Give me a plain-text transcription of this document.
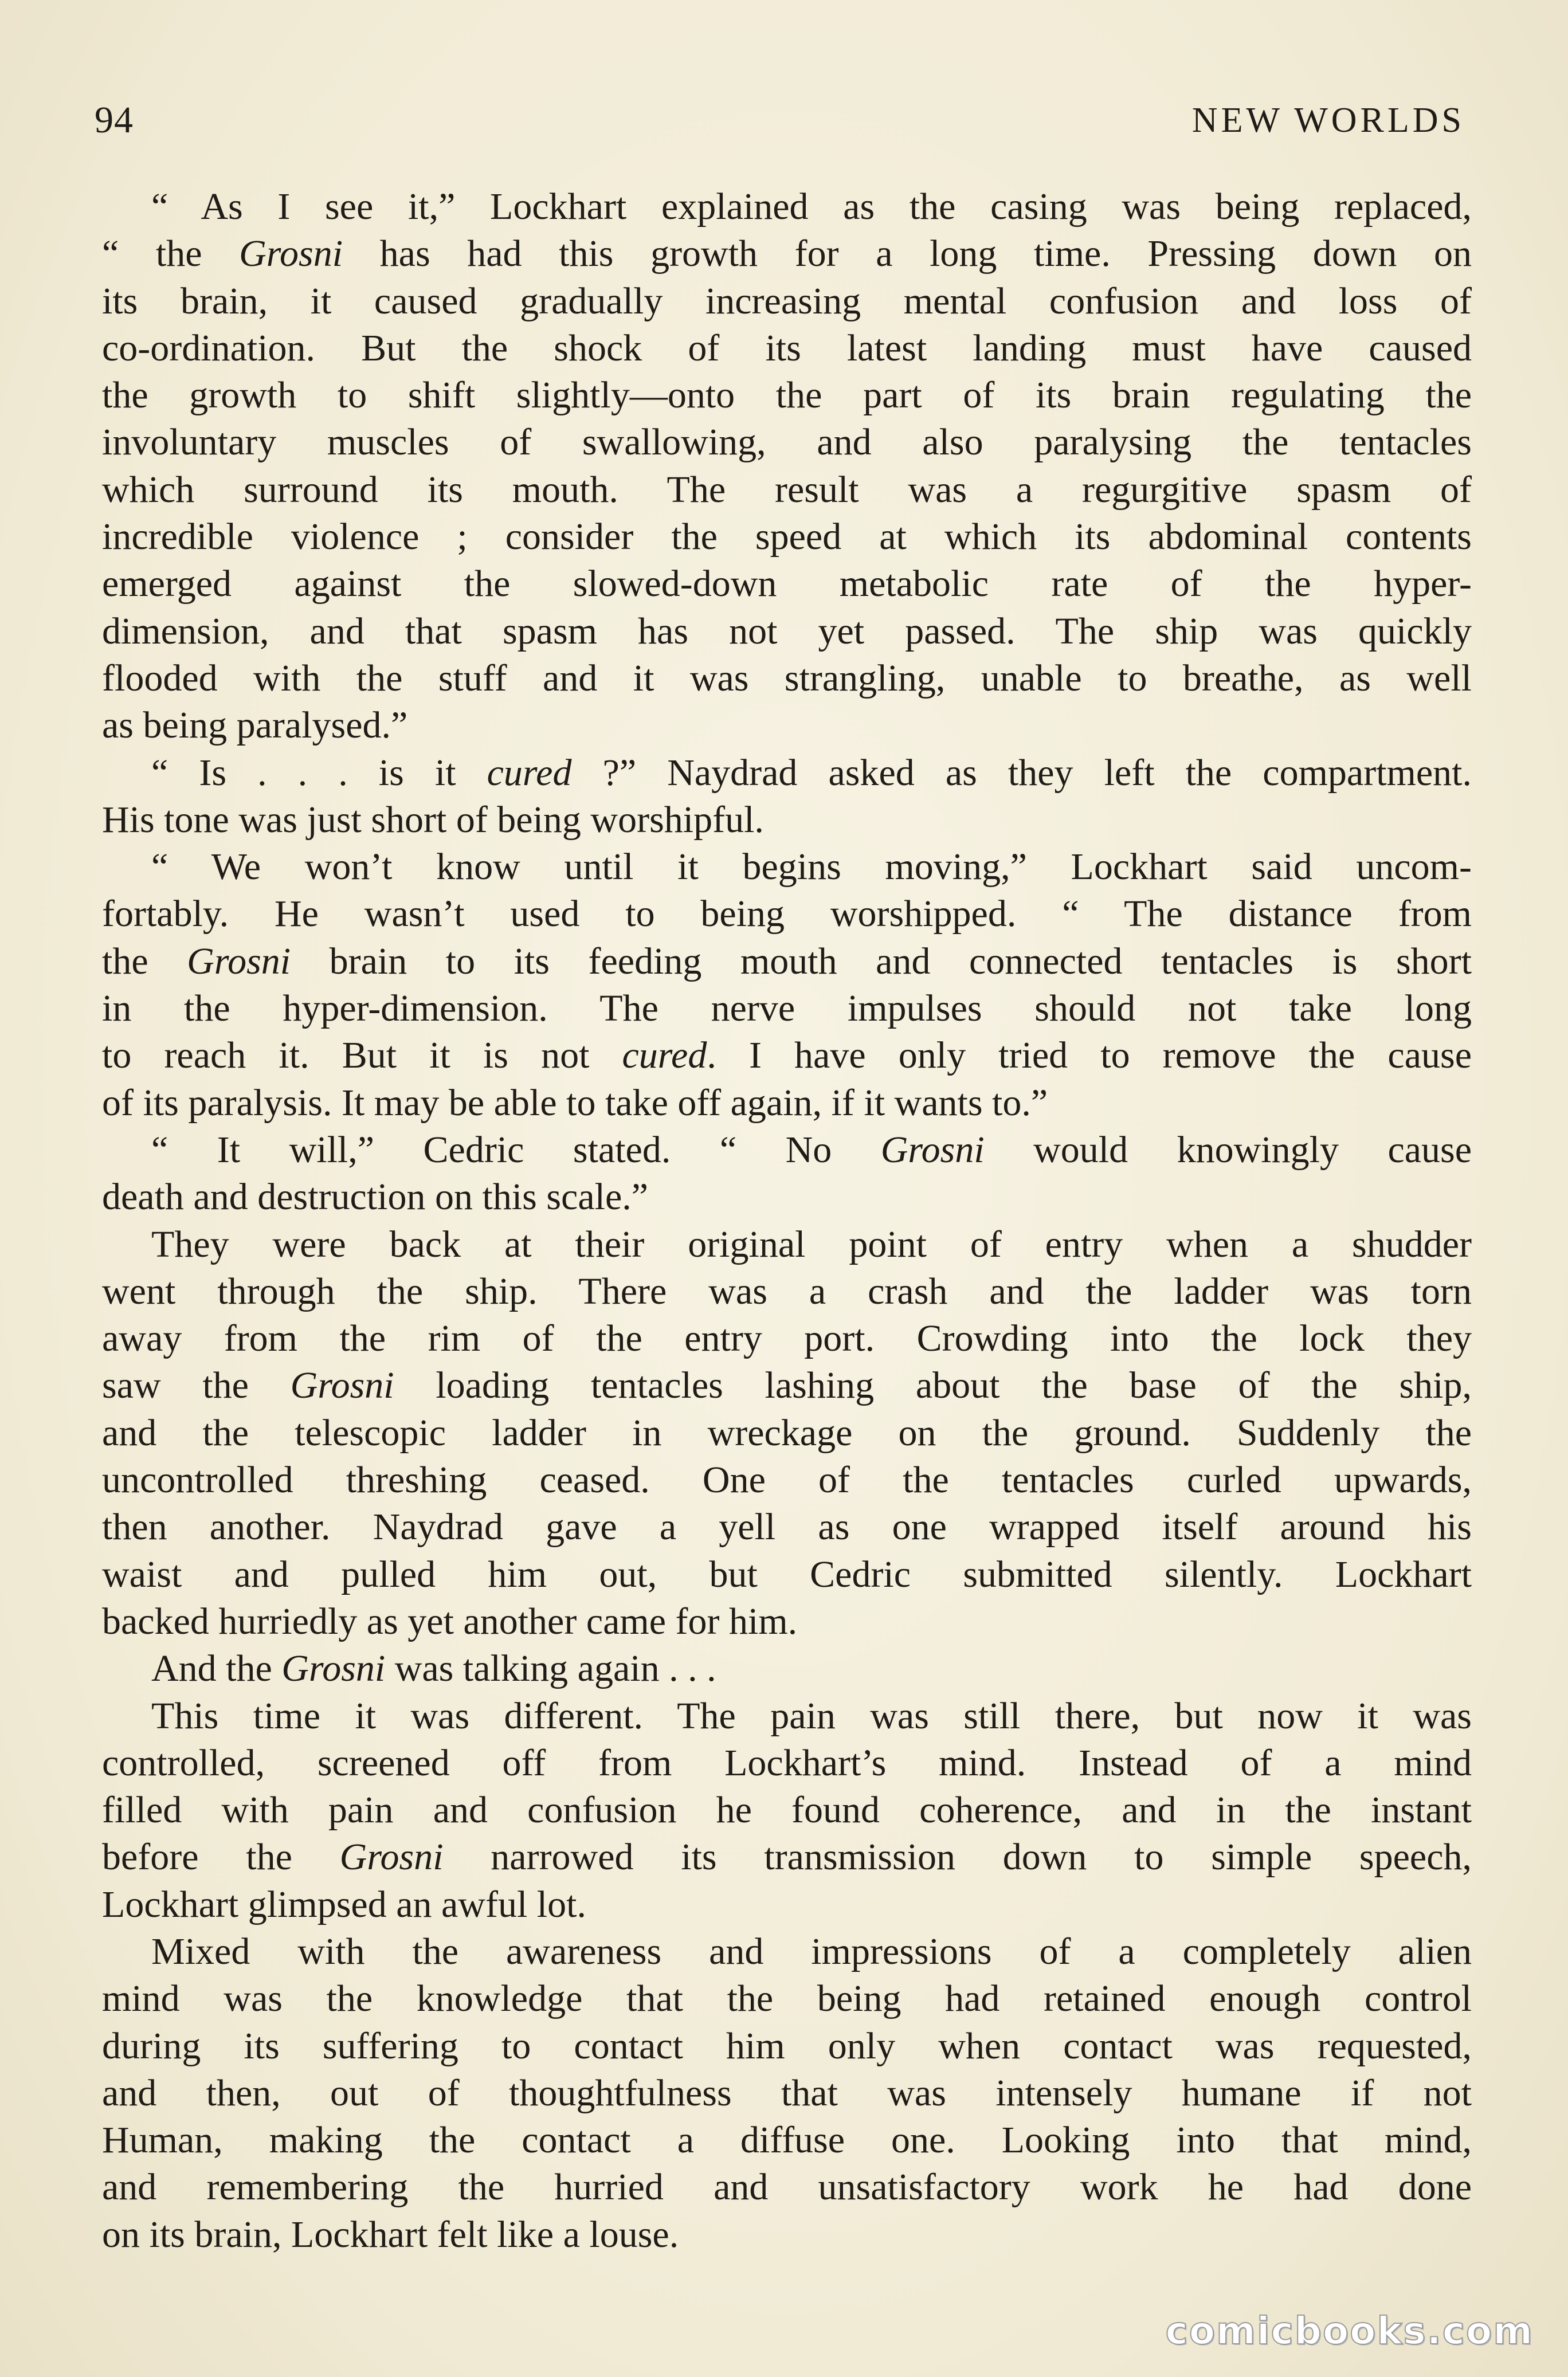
94	NEW WORLDS
“ As I see it,” Lockhart explained as the casing was being replaced,
“ the Grosni has had this growth for a long time. Pressing down on
its brain, it caused gradually increasing mental confusion and loss of
co-ordination. But the shock of its latest landing must have caused
the growth to shift slightly—onto the part of its brain regulating the
involuntary muscles of swallowing, and also paralysing the tentacles
which surround its mouth. The result was a regurgitive spasm of
incredible violence ; consider the speed at which its abdominal contents
emerged against the slowed-down metabolic rate of the hyper-
dimension, and that spasm has not yet passed. The ship was quickly
flooded with the stuff and it was strangling, unable to breathe, as well
as being paralysed.”
“ Is . . . is it cured ?” Naydrad asked as they left the compartment.
His tone was just short of being worshipful.
“ We won’t know until it begins moving,” Lockhart said uncom-
fortably. He wasn’t used to being worshipped. “ The distance from
the Grosni brain to its feeding mouth and connected tentacles is short
in the hyper-dimension. The nerve impulses should not take long
to reach it. But it is not cured. I have only tried to remove the cause
of its paralysis. It may be able to take off again, if it wants to.”
“ It will,” Cedric stated. “ No Grosni would knowingly cause
death and destruction on this scale.”
They were back at their original point of entry when a shudder
went through the ship. There was a crash and the ladder was torn
away from the rim of the entry port. Crowding into the lock they
saw the Grosni loading tentacles lashing about the base of the ship,
and the telescopic ladder in wreckage on the ground. Suddenly the
uncontrolled threshing ceased. One of the tentacles curled upwards,
then another. Naydrad gave a yell as one wrapped itself around his
waist and pulled him out, but Cedric submitted silently. Lockhart
backed hurriedly as yet another came for him.
And the Grosni was talking again . . .
This time it was different. The pain was still there, but now it was
controlled, screened off from Lockhart’s mind. Instead of a mind
filled with pain and confusion he found coherence, and in the instant
before the Grosni narrowed its transmission down to simple speech,
Lockhart glimpsed an awful lot.
Mixed with the awareness and impressions of a completely alien
mind was the knowledge that the being had retained enough control
during its suffering to contact him only when contact was requested,
and then, out of thoughtfulness that was intensely humane if not
Human, making the contact a diffuse one. Looking into that mind,
and remembering the hurried and unsatisfactory work he had done
on its brain, Lockhart felt like a louse.
comicbooks.com
